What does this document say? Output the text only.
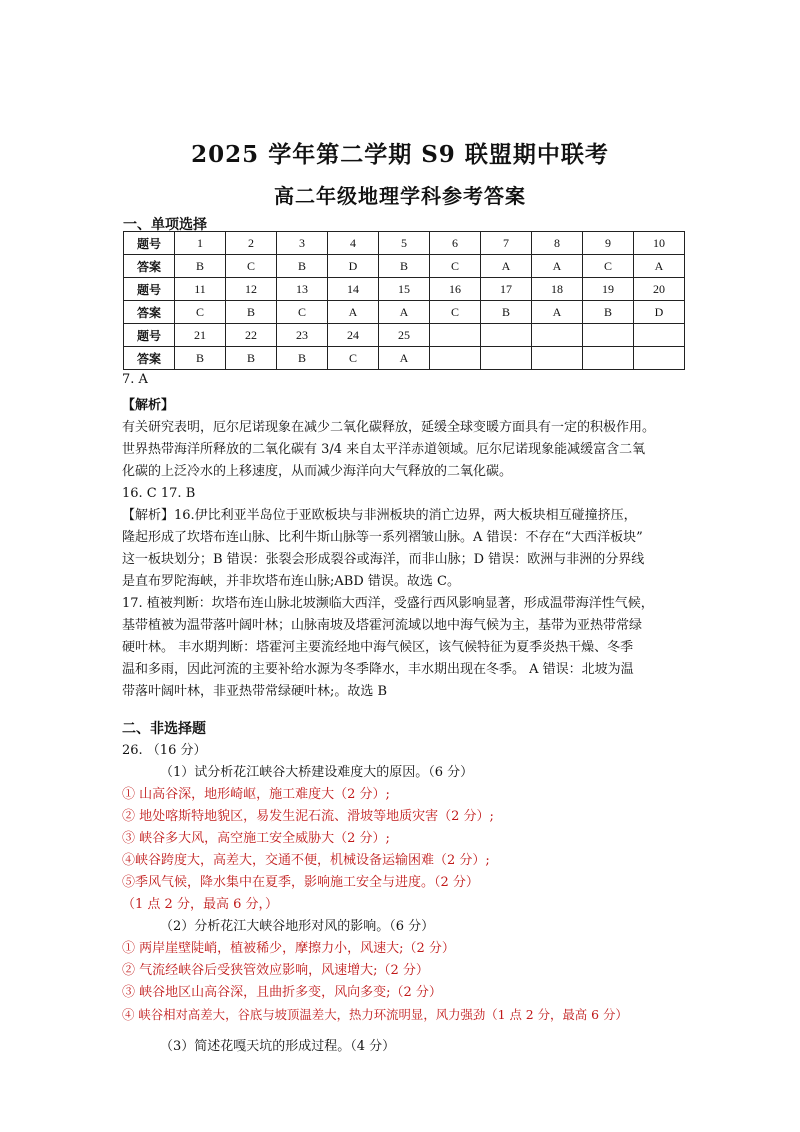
2025 学年第二学期 S9 联盟期中联考
高二年级地理学科参考答案
一、单项选择
题号	1	2	3	4	5	6	7	8	9	10
答案	B	C	B	D	B	C	A	A	C	A
题号	11	12	13	14	15	16	17	18	19	20
答案	C	B	C	A	A	C	B	A	B	D
题号	21	22	23	24	25					
答案	B	B	B	C	A					
7. A
【解析】
有关研究表明，厄尔尼诺现象在减少二氧化碳释放，延缓全球变暖方面具有一定的积极作用。
世界热带海洋所释放的二氧化碳有 3/4 来自太平洋赤道领域。厄尔尼诺现象能减缓富含二氧
化碳的上泛冷水的上移速度，从而减少海洋向大气释放的二氧化碳。
16. C 17. B
【解析】16.伊比利亚半岛位于亚欧板块与非洲板块的消亡边界，两大板块相互碰撞挤压，
隆起形成了坎塔布连山脉、比利牛斯山脉等一系列褶皱山脉。A 错误：不存在“大西洋板块”
这一板块划分；B 错误：张裂会形成裂谷或海洋，而非山脉；D 错误：欧洲与非洲的分界线
是直布罗陀海峡，并非坎塔布连山脉;ABD 错误。故选 C。
17. 植被判断：坎塔布连山脉北坡濒临大西洋，受盛行西风影响显著，形成温带海洋性气候，
基带植被为温带落叶阔叶林；山脉南坡及塔霍河流域以地中海气候为主，基带为亚热带常绿
硬叶林。 丰水期判断：塔霍河主要流经地中海气候区，该气候特征为夏季炎热干燥、冬季
温和多雨，因此河流的主要补给水源为冬季降水，丰水期出现在冬季。 A 错误：北坡为温
带落叶阔叶林，非亚热带常绿硬叶林;。故选 B
二、非选择题
26. （16 分）
（1）试分析花江峡谷大桥建设难度大的原因。（6 分）
① 山高谷深，地形崎岖，施工难度大（2 分）;
② 地处喀斯特地貌区，易发生泥石流、滑坡等地质灾害（2 分）;
③ 峡谷多大风，高空施工安全威胁大（2 分）;
④峡谷跨度大，高差大，交通不便，机械设备运输困难（2 分）;
⑤季风气候，降水集中在夏季，影响施工安全与进度。（2 分）
（1 点 2 分，最高 6 分，）
（2）分析花江大峡谷地形对风的影响。（6 分）
① 两岸崖壁陡峭，植被稀少，摩擦力小，风速大;（2 分）
② 气流经峡谷后受狭管效应影响，风速增大;（2 分）
③ 峡谷地区山高谷深，且曲折多变，风向多变;（2 分）
④ 峡谷相对高差大，谷底与坡顶温差大，热力环流明显，风力强劲（1 点 2 分，最高 6 分）
（3）简述花嘎天坑的形成过程。（4 分）
